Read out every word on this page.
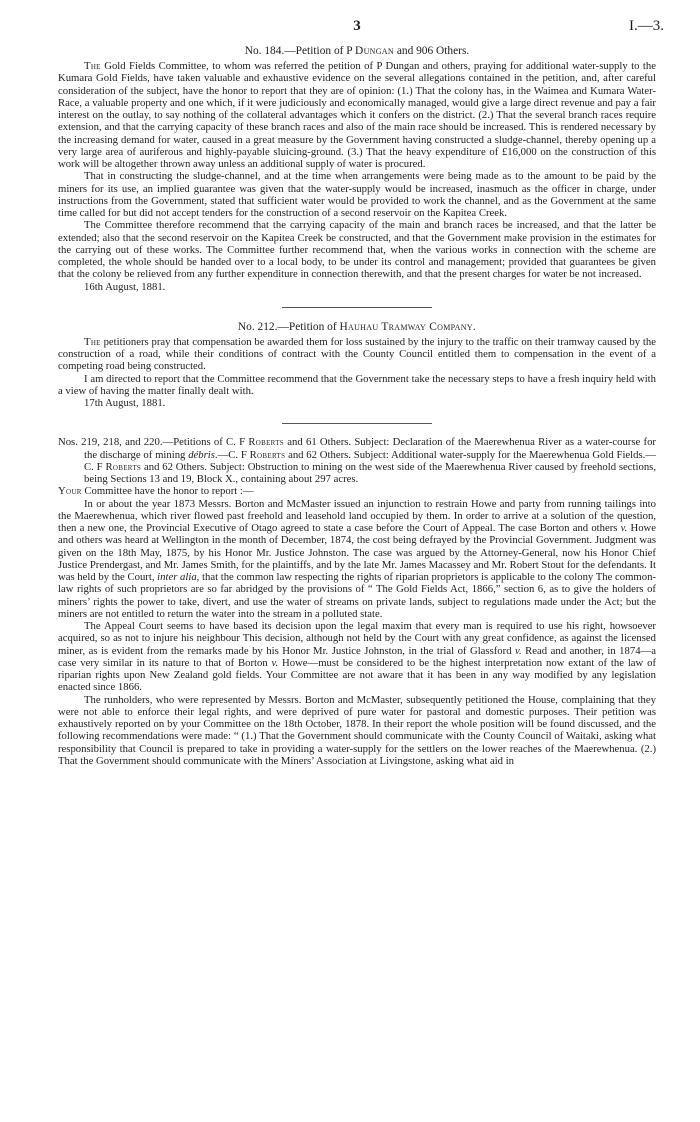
3	I.—3.
No. 184.—Petition of P Dungan and 906 Others.

The Gold Fields Committee, to whom was referred the petition of P Dungan and others, praying for additional water-supply to the Kumara Gold Fields, have taken valuable and exhaustive evidence on the several allegations contained in the petition, and, after careful consideration of the subject, have the honor to report that they are of opinion: (1.) That the colony has, in the Waimea and Kumara Water-Race, a valuable property and one which, if it were judiciously and economically managed, would give a large direct revenue and pay a fair interest on the outlay, to say nothing of the collateral advantages which it confers on the district. (2.) That the several branch races require extension, and that the carrying capacity of these branch races and also of the main race should be increased. This is rendered necessary by the increasing demand for water, caused in a great measure by the Government having constructed a sludge-channel, thereby opening up a very large area of auriferous and highly-payable sluicing-ground. (3.) That the heavy expenditure of £16,000 on the construction of this work will be altogether thrown away unless an additional supply of water is procured.

That in constructing the sludge-channel, and at the time when arrangements were being made as to the amount to be paid by the miners for its use, an implied guarantee was given that the water-supply would be increased, inasmuch as the officer in charge, under instructions from the Government, stated that sufficient water would be provided to work the channel, and as the Government at the same time called for but did not accept tenders for the construction of a second reservoir on the Kapitea Creek.

The Committee therefore recommend that the carrying capacity of the main and branch races be increased, and that the latter be extended; also that the second reservoir on the Kapitea Creek be constructed, and that the Government make provision in the estimates for the carrying out of these works. The Committee further recommend that, when the various works in connection with the scheme are completed, the whole should be handed over to a local body, to be under its control and management; provided that guarantees be given that the colony be relieved from any further expenditure in connection therewith, and that the present charges for water be not increased.

16th August, 1881.

No. 212.—Petition of Hauhau Tramway Company.

The petitioners pray that compensation be awarded them for loss sustained by the injury to the traffic on their tramway caused by the construction of a road, while their conditions of contract with the County Council entitled them to compensation in the event of a competing road being constructed.

I am directed to report that the Committee recommend that the Government take the necessary steps to have a fresh inquiry held with a view of having the matter finally dealt with.

17th August, 1881.

Nos. 219, 218, and 220.—Petitions of C. F Roberts and 61 Others. Subject: Declaration of the Maerewhenua River as a water-course for the discharge of mining débris.—C. F Roberts and 62 Others. Subject: Additional water-supply for the Maerewhenua Gold Fields.—C. F Roberts and 62 Others. Subject: Obstruction to mining on the west side of the Maerewhenua River caused by freehold sections, being Sections 13 and 19, Block X., containing about 297 acres.

Your Committee have the honor to report :—

In or about the year 1873 Messrs. Borton and McMaster issued an injunction to restrain Howe and party from running tailings into the Maerewhenua, which river flowed past freehold and leasehold land occupied by them. In order to arrive at a solution of the question, then a new one, the Provincial Executive of Otago agreed to state a case before the Court of Appeal. The case Borton and others v. Howe and others was heard at Wellington in the month of December, 1874, the cost being defrayed by the Provincial Government. Judgment was given on the 18th May, 1875, by his Honor Mr. Justice Johnston. The case was argued by the Attorney-General, now his Honor Chief Justice Prendergast, and Mr. James Smith, for the plaintiffs, and by the late Mr. James Macassey and Mr. Robert Stout for the defendants. It was held by the Court, inter alia, that the common law respecting the rights of riparian proprietors is applicable to the colony The common-law rights of such proprietors are so far abridged by the provisions of “ The Gold Fields Act, 1866,” section 6, as to give the holders of miners’ rights the power to take, divert, and use the water of streams on private lands, subject to regulations made under the Act; but the miners are not entitled to return the water into the stream in a polluted state.

The Appeal Court seems to have based its decision upon the legal maxim that every man is required to use his right, howsoever acquired, so as not to injure his neighbour This decision, although not held by the Court with any great confidence, as against the licensed miner, as is evident from the remarks made by his Honor Mr. Justice Johnston, in the trial of Glassford v. Read and another, in 1874—a case very similar in its nature to that of Borton v. Howe—must be considered to be the highest interpretation now extant of the law of riparian rights upon New Zealand gold fields. Your Committee are not aware that it has been in any way modified by any legislation enacted since 1866.

The runholders, who were represented by Messrs. Borton and McMaster, subsequently petitioned the House, complaining that they were not able to enforce their legal rights, and were deprived of pure water for pastoral and domestic purposes. Their petition was exhaustively reported on by your Committee on the 18th October, 1878. In their report the whole position will be found discussed, and the following recommendations were made: “ (1.) That the Government should communicate with the County Council of Waitaki, asking what responsibility that Council is prepared to take in providing a water-supply for the settlers on the lower reaches of the Maerewhenua. (2.) That the Government should communicate with the Miners’ Association at Livingstone, asking what aid in
